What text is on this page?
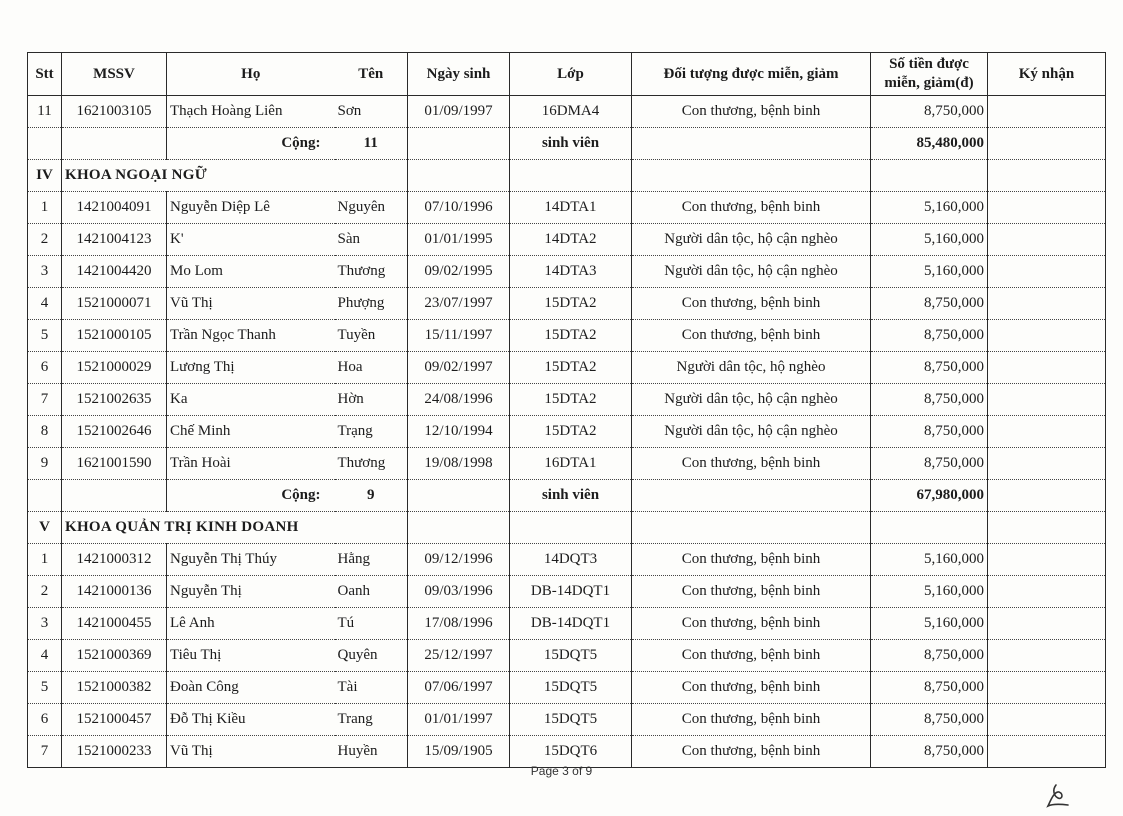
Stt	MSSV	Họ	Tên	Ngày sinh	Lớp	Đối tượng được miễn, giảm	Số tiền được miễn, giảm(đ)	Ký nhận
11	1621003105	Thạch Hoàng Liên	Sơn	01/09/1997	16DMA4	Con thương, bệnh binh	8,750,000	
		Cộng:	11		sinh viên		85,480,000	
IV	KHOA NGOẠI NGỮ							
1	1421004091	Nguyễn Diệp Lê	Nguyên	07/10/1996	14DTA1	Con thương, bệnh binh	5,160,000	
2	1421004123	K'	Sàn	01/01/1995	14DTA2	Người dân tộc, hộ cận nghèo	5,160,000	
3	1421004420	Mo Lom	Thương	09/02/1995	14DTA3	Người dân tộc, hộ cận nghèo	5,160,000	
4	1521000071	Vũ Thị	Phượng	23/07/1997	15DTA2	Con thương, bệnh binh	8,750,000	
5	1521000105	Trần Ngọc Thanh	Tuyền	15/11/1997	15DTA2	Con thương, bệnh binh	8,750,000	
6	1521000029	Lương Thị	Hoa	09/02/1997	15DTA2	Người dân tộc, hộ nghèo	8,750,000	
7	1521002635	Ka	Hờn	24/08/1996	15DTA2	Người dân tộc, hộ cận nghèo	8,750,000	
8	1521002646	Chế Minh	Trạng	12/10/1994	15DTA2	Người dân tộc, hộ cận nghèo	8,750,000	
9	1621001590	Trần Hoài	Thương	19/08/1998	16DTA1	Con thương, bệnh binh	8,750,000	
		Cộng:	9		sinh viên		67,980,000	
V	KHOA QUẢN TRỊ KINH DOANH							
1	1421000312	Nguyễn Thị Thúy	Hằng	09/12/1996	14DQT3	Con thương, bệnh binh	5,160,000	
2	1421000136	Nguyễn Thị	Oanh	09/03/1996	DB-14DQT1	Con thương, bệnh binh	5,160,000	
3	1421000455	Lê Anh	Tú	17/08/1996	DB-14DQT1	Con thương, bệnh binh	5,160,000	
4	1521000369	Tiêu Thị	Quyên	25/12/1997	15DQT5	Con thương, bệnh binh	8,750,000	
5	1521000382	Đoàn Công	Tài	07/06/1997	15DQT5	Con thương, bệnh binh	8,750,000	
6	1521000457	Đỗ Thị Kiều	Trang	01/01/1997	15DQT5	Con thương, bệnh binh	8,750,000	
7	1521000233	Vũ Thị	Huyền	15/09/1905	15DQT6	Con thương, bệnh binh	8,750,000	
Page 3 of 9
